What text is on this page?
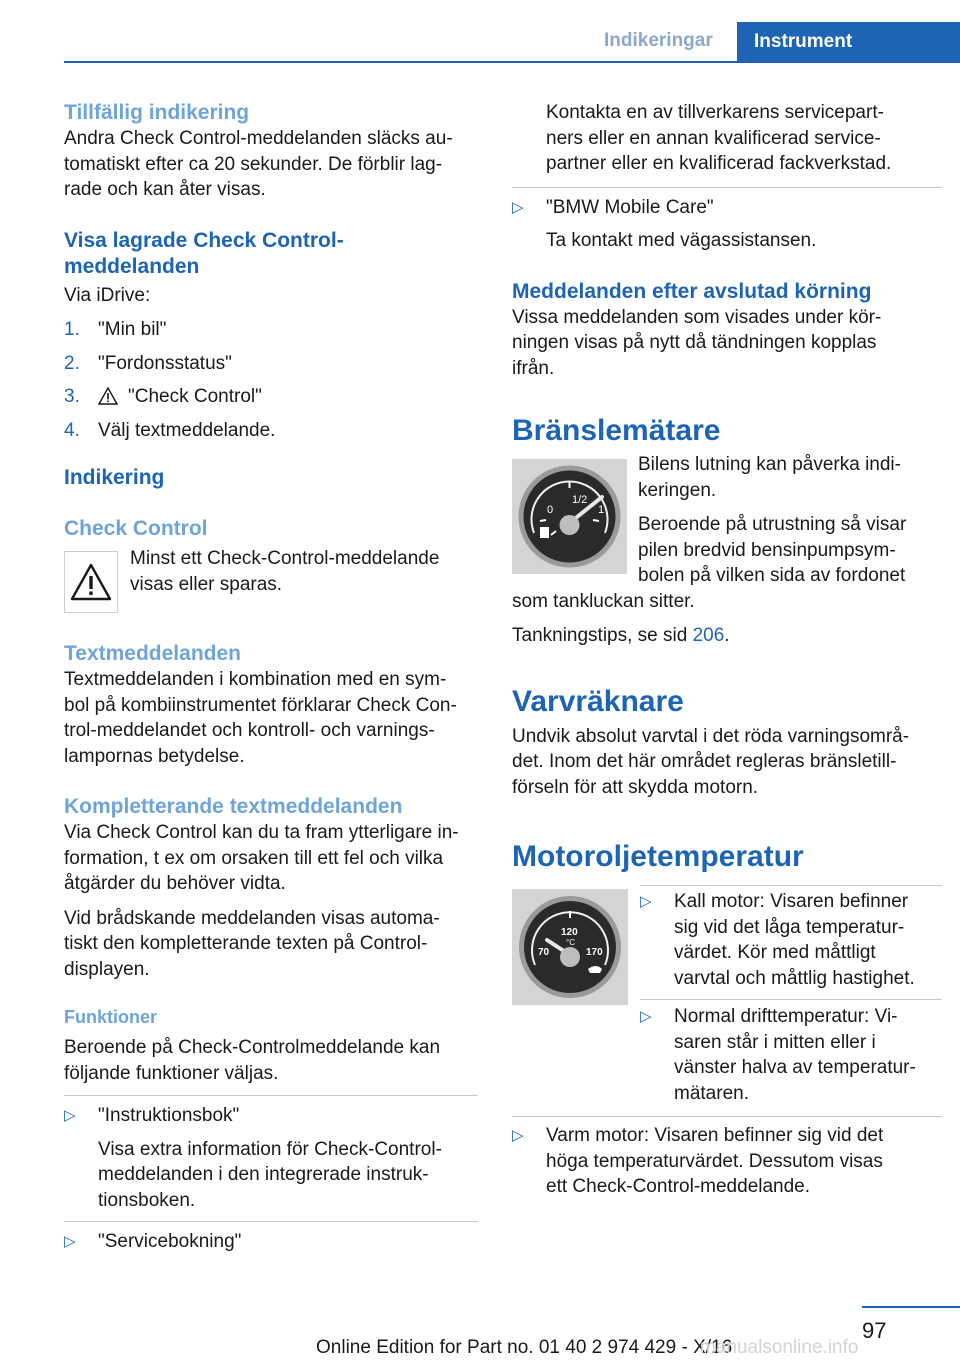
Indikeringar	Instrument
Tillfällig indikering

Andra Check Control-meddelanden släcks au-

tomatiskt efter ca 20 sekunder. De förblir lag-

rade och kan åter visas.

Visa lagrade Check Control-
meddelanden

Via iDrive:

1. "Min bil"
2. "Fordonsstatus"
3.	"Check Control"
4. Välj textmeddelande.
Indikering
Check Control

Minst ett Check-Control-meddelande

visas eller sparas.

Textmeddelanden

Textmeddelanden i kombination med en sym-

bol på kombiinstrumentet förklarar Check Con-

trol-meddelandet och kontroll- och varnings-

lampornas betydelse.

Kompletterande textmeddelanden

Via Check Control kan du ta fram ytterligare in-

formation, t ex om orsaken till ett fel och vilka

åtgärder du behöver vidta.

Vid brådskande meddelanden visas automa-

tiskt den kompletterande texten på Control-

displayen.

Funktioner

Beroende på Check-Controlmeddelande kan

följande funktioner väljas.

▷	"Instruktionsbok"

Visa extra information för Check-Control-

meddelanden i den integrerade instruk-

tionsboken.

▷	"Servicebokning"

Kontakta en av tillverkarens servicepart-

ners eller en annan kvalificerad service-

partner eller en kvalificerad fackverkstad.

▷	"BMW Mobile Care"

Ta kontakt med vägassistansen.

Meddelanden efter avslutad körning

Vissa meddelanden som visades under kör-

ningen visas på nytt då tändningen kopplas

ifrån.

Bränslemätare
0
1/2
1

Bilens lutning kan påverka indi-

keringen.

Beroende på utrustning så visar

pilen bredvid bensinpumpsym-

bolen på vilken sida av fordonet

som tankluckan sitter.

Tankningstips, se sid 206.

Varvräknare

Undvik absolut varvtal i det röda varningsområ-

det. Inom det här området regleras bränsletill-

förseln för att skydda motorn.

Motoroljetemperatur
120
°C
70	170
▷	Kall motor: Visaren befinner

sig vid det låga temperatur-

värdet. Kör med måttligt

varvtal och måttlig hastighet.

▷	Normal drifttemperatur: Vi-

saren står i mitten eller i

vänster halva av temperatur-

mätaren.

▷	Varm motor: Visaren befinner sig vid det

höga temperaturvärdet. Dessutom visas

ett Check-Control-meddelande.

97
Online Edition for Part no. 01 40 2 974 429 - X/16
manualsonline.info
